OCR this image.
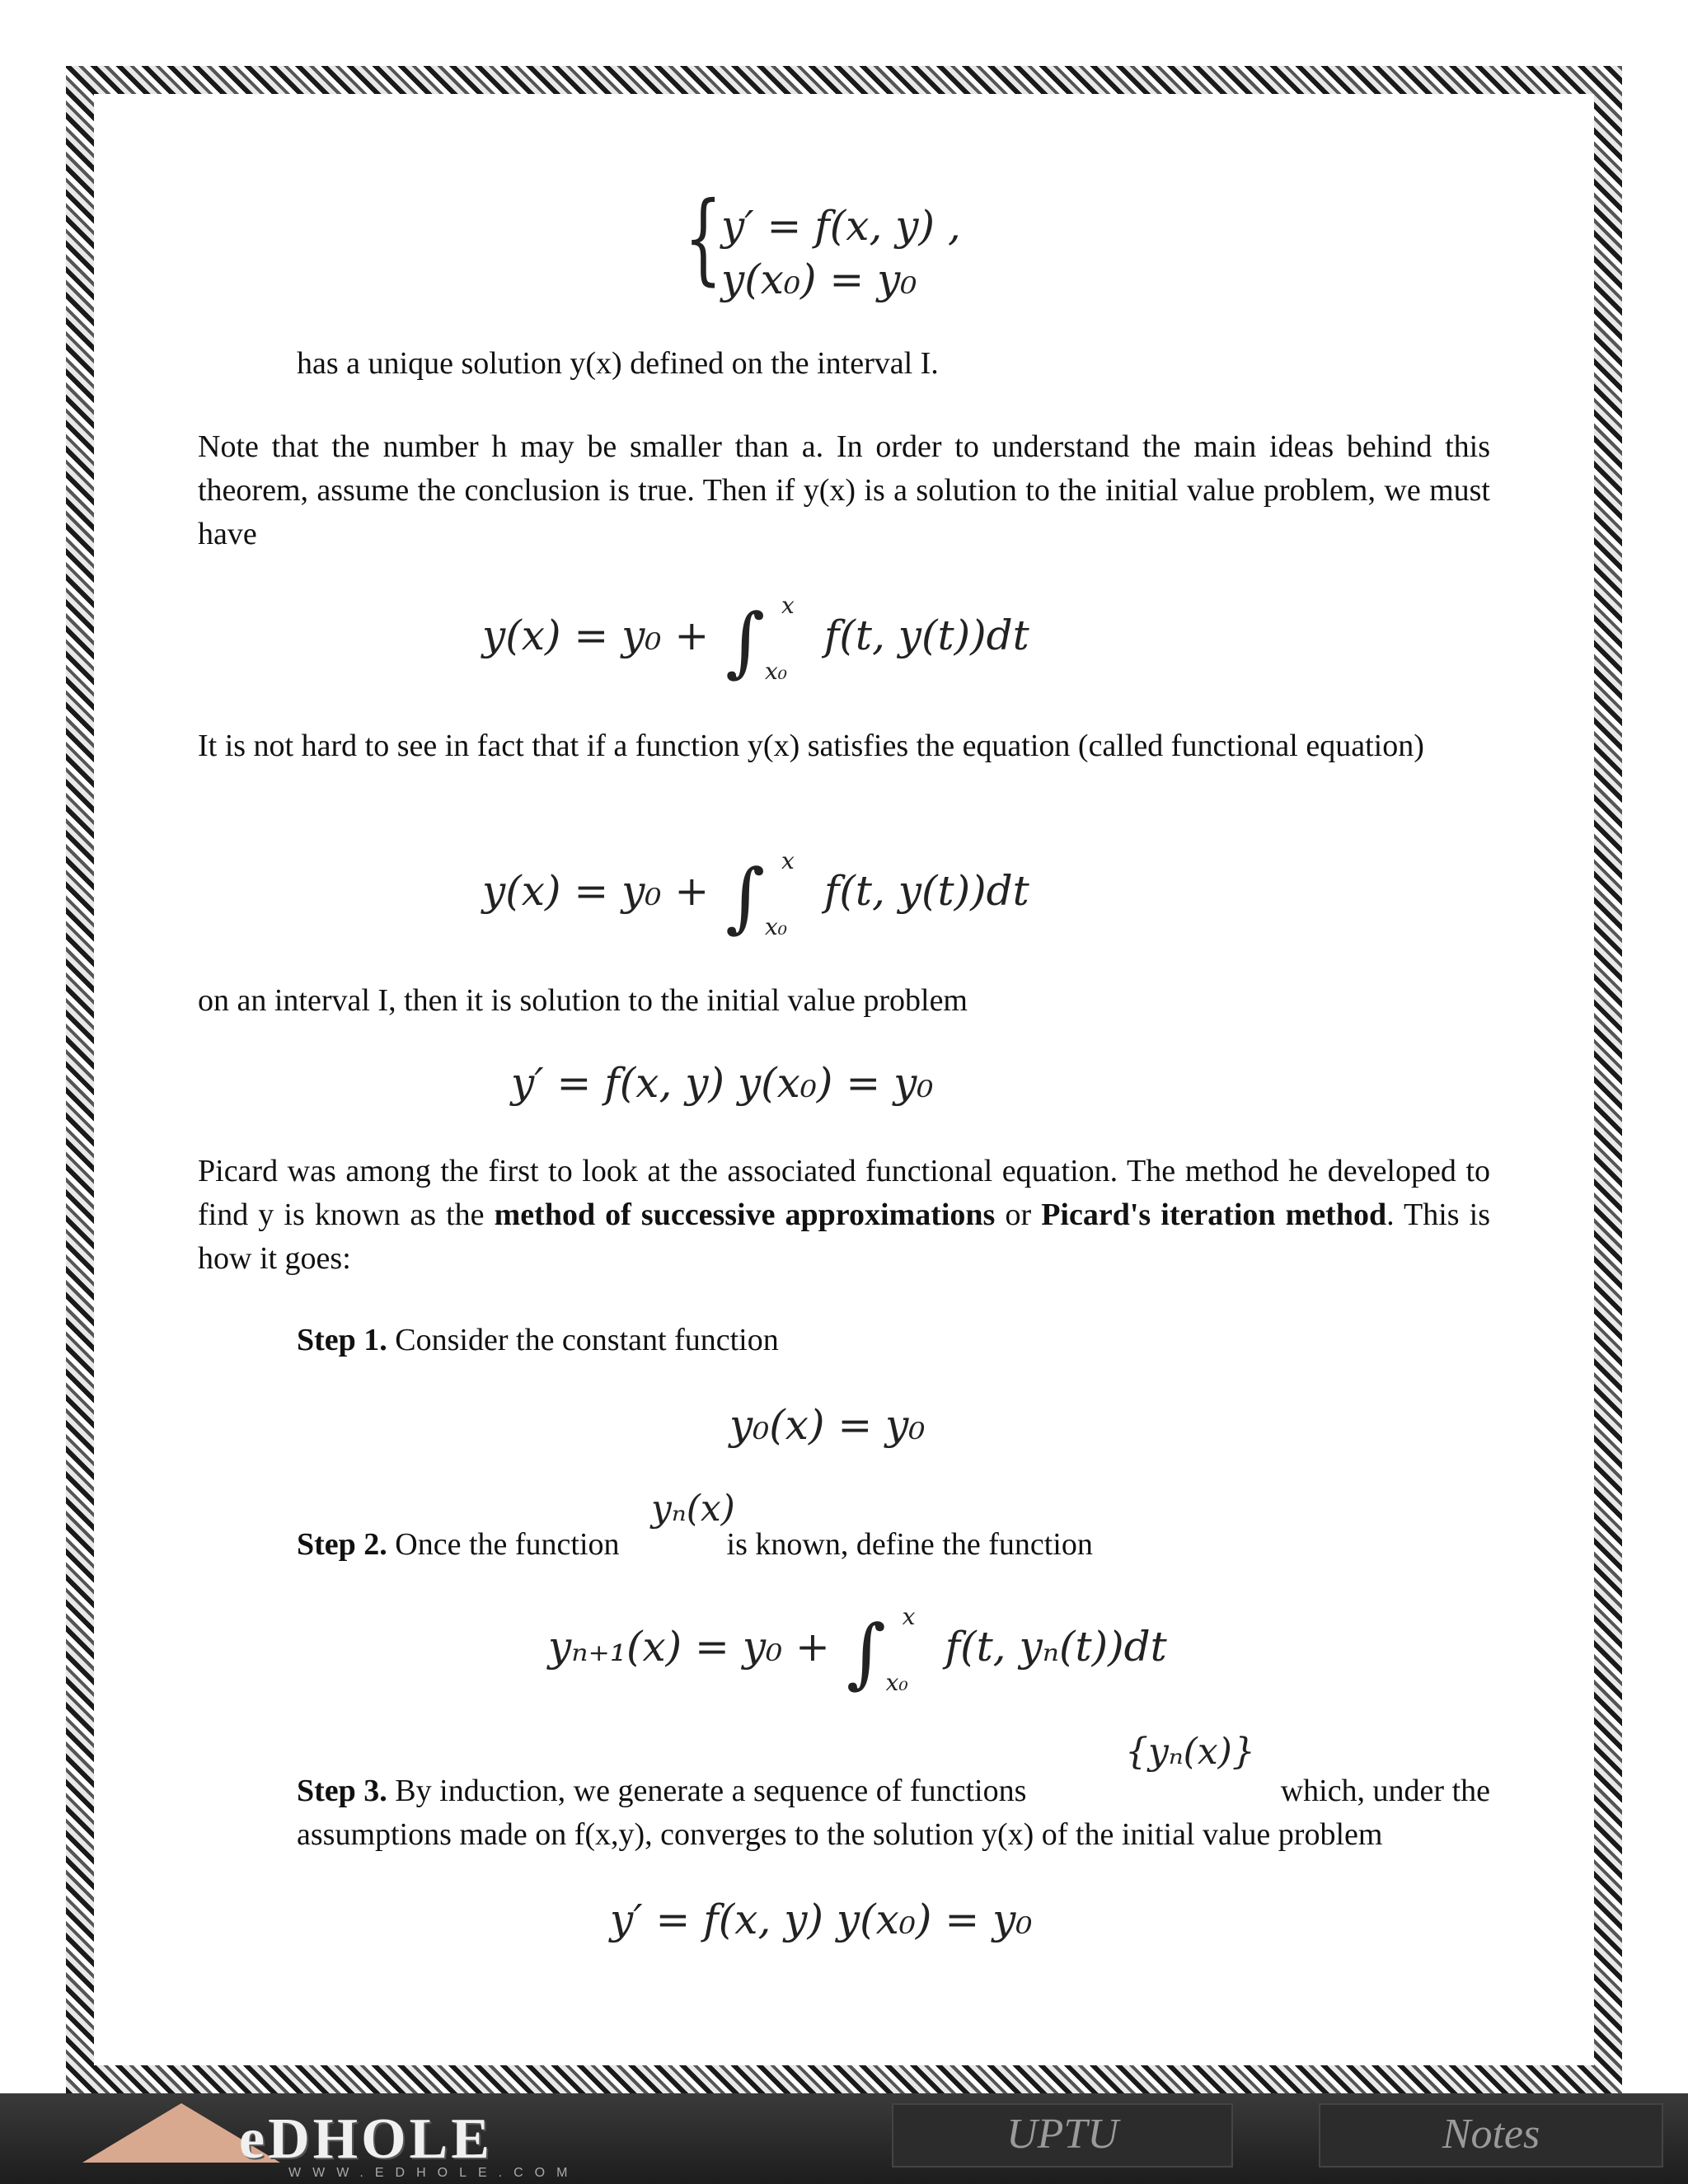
{
y′ = f(x, y) ,
y(x₀) = y₀
has a unique solution y(x) defined on the interval I.
Note that the number h may be smaller than a. In order to understand the main ideas behind this theorem, assume the conclusion is true. Then if y(x) is a solution to the initial value problem, we must have
y(x) = y₀ + ∫ x
x₀
f(t, y(t))dt
It is not hard to see in fact that if a function y(x) satisfies the equation (called functional equation)
y(x) = y₀ + ∫ x
x₀
f(t, y(t))dt
on an interval I, then it is solution to the initial value problem
y′ = f(x, y) y(x₀) = y₀
Picard was among the first to look at the associated functional equation. The method he developed to find y is known as the method of successive approximations or Picard's iteration method. This is how it goes:
Step 1. Consider the constant function
y₀(x) = y₀
yₙ(x)
Step 2. Once the function	is known, define the function
yₙ₊₁(x) = y₀ + ∫ x
x₀
f(t, yₙ(t))dt
{yₙ(x)}
Step 3. By induction, we generate a sequence of functions	which, under the
assumptions made on f(x,y), converges to the solution y(x) of the initial value problem
y′ = f(x, y) y(x₀) = y₀
eDHOLE
WWW.EDHOLE.COM
UPTU	Notes
